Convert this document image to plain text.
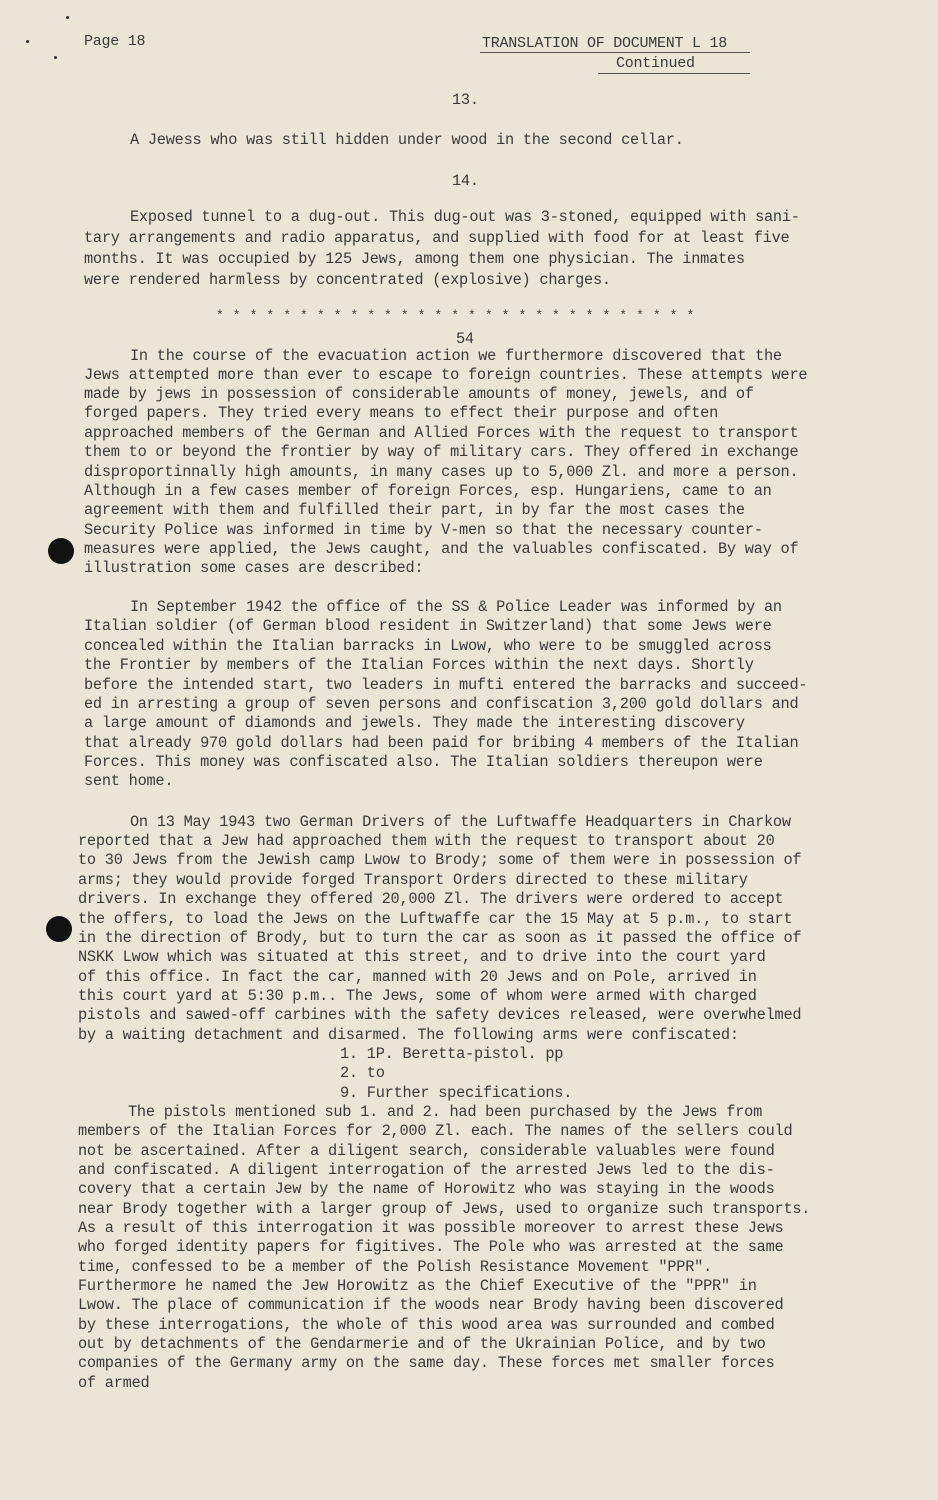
Page 18	TRANSLATION OF DOCUMENT L 18
Continued
13.
A Jewess who was still hidden under wood in the second cellar.
14.
Exposed tunnel to a dug-out. This dug-out was 3-stoned, equipped with sani-
tary arrangements and radio apparatus, and supplied with food for at least five
months. It was occupied by 125 Jews, among them one physician. The inmates
were rendered harmless by concentrated (explosive) charges.
* * * * * * * * * * * * * * * * * * * * * * * * * * * * *
54
In the course of the evacuation action we furthermore discovered that the
Jews attempted more than ever to escape to foreign countries. These attempts were
made by jews in possession of considerable amounts of money, jewels, and of
forged papers. They tried every means to effect their purpose and often
approached members of the German and Allied Forces with the request to transport
them to or beyond the frontier by way of military cars. They offered in exchange
disproportinnally high amounts, in many cases up to 5,000 Zl. and more a person.
Although in a few cases member of foreign Forces, esp. Hungariens, came to an
agreement with them and fulfilled their part, in by far the most cases the
Security Police was informed in time by V-men so that the necessary counter-
measures were applied, the Jews caught, and the valuables confiscated. By way of
illustration some cases are described:
In September 1942 the office of the SS & Police Leader was informed by an
Italian soldier (of German blood resident in Switzerland) that some Jews were
concealed within the Italian barracks in Lwow, who were to be smuggled across
the Frontier by members of the Italian Forces within the next days. Shortly
before the intended start, two leaders in mufti entered the barracks and succeed-
ed in arresting a group of seven persons and confiscation 3,200 gold dollars and
a large amount of diamonds and jewels. They made the interesting discovery
that already 970 gold dollars had been paid for bribing 4 members of the Italian
Forces. This money was confiscated also. The Italian soldiers thereupon were
sent home.
On 13 May 1943 two German Drivers of the Luftwaffe Headquarters in Charkow
reported that a Jew had approached them with the request to transport about 20
to 30 Jews from the Jewish camp Lwow to Brody; some of them were in possession of
arms; they would provide forged Transport Orders directed to these military
drivers. In exchange they offered 20,000 Zl. The drivers were ordered to accept
the offers, to load the Jews on the Luftwaffe car the 15 May at 5 p.m., to start
in the direction of Brody, but to turn the car as soon as it passed the office of
NSKK Lwow which was situated at this street, and to drive into the court yard
of this office. In fact the car, manned with 20 Jews and on Pole, arrived in
this court yard at 5:30 p.m.. The Jews, some of whom were armed with charged
pistols and sawed-off carbines with the safety devices released, were overwhelmed
by a waiting detachment and disarmed. The following arms were confiscated:
1. 1P. Beretta-pistol. pp
2. to
9. Further specifications.
The pistols mentioned sub 1. and 2. had been purchased by the Jews from
members of the Italian Forces for 2,000 Zl. each. The names of the sellers could
not be ascertained. After a diligent search, considerable valuables were found
and confiscated. A diligent interrogation of the arrested Jews led to the dis-
covery that a certain Jew by the name of Horowitz who was staying in the woods
near Brody together with a larger group of Jews, used to organize such transports.
As a result of this interrogation it was possible moreover to arrest these Jews
who forged identity papers for figitives. The Pole who was arrested at the same
time, confessed to be a member of the Polish Resistance Movement "PPR".
Furthermore he named the Jew Horowitz as the Chief Executive of the "PPR" in
Lwow. The place of communication if the woods near Brody having been discovered
by these interrogations, the whole of this wood area was surrounded and combed
out by detachments of the Gendarmerie and of the Ukrainian Police, and by two
companies of the Germany army on the same day. These forces met smaller forces
of armed
